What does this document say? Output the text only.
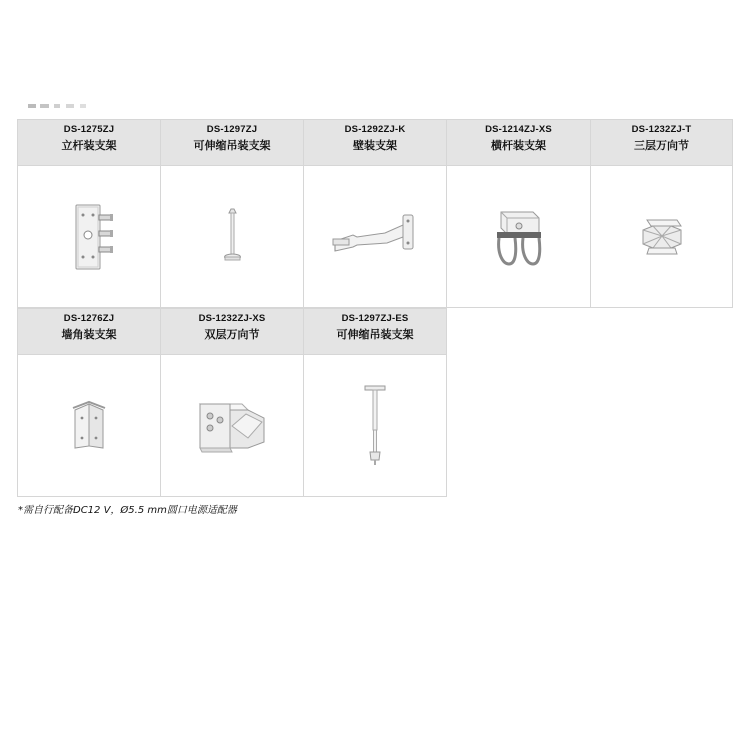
DS-1275ZJ
立杆装支架
DS-1297ZJ
可伸缩吊装支架
DS-1292ZJ-K
壁装支架
DS-1214ZJ-XS
横杆装支架
DS-1232ZJ-T
三层万向节
DS-1276ZJ
墙角装支架
DS-1232ZJ-XS
双层万向节
DS-1297ZJ-ES
可伸缩吊装支架
*需自行配备DC12 V，Ø5.5 mm圆口电源适配器
